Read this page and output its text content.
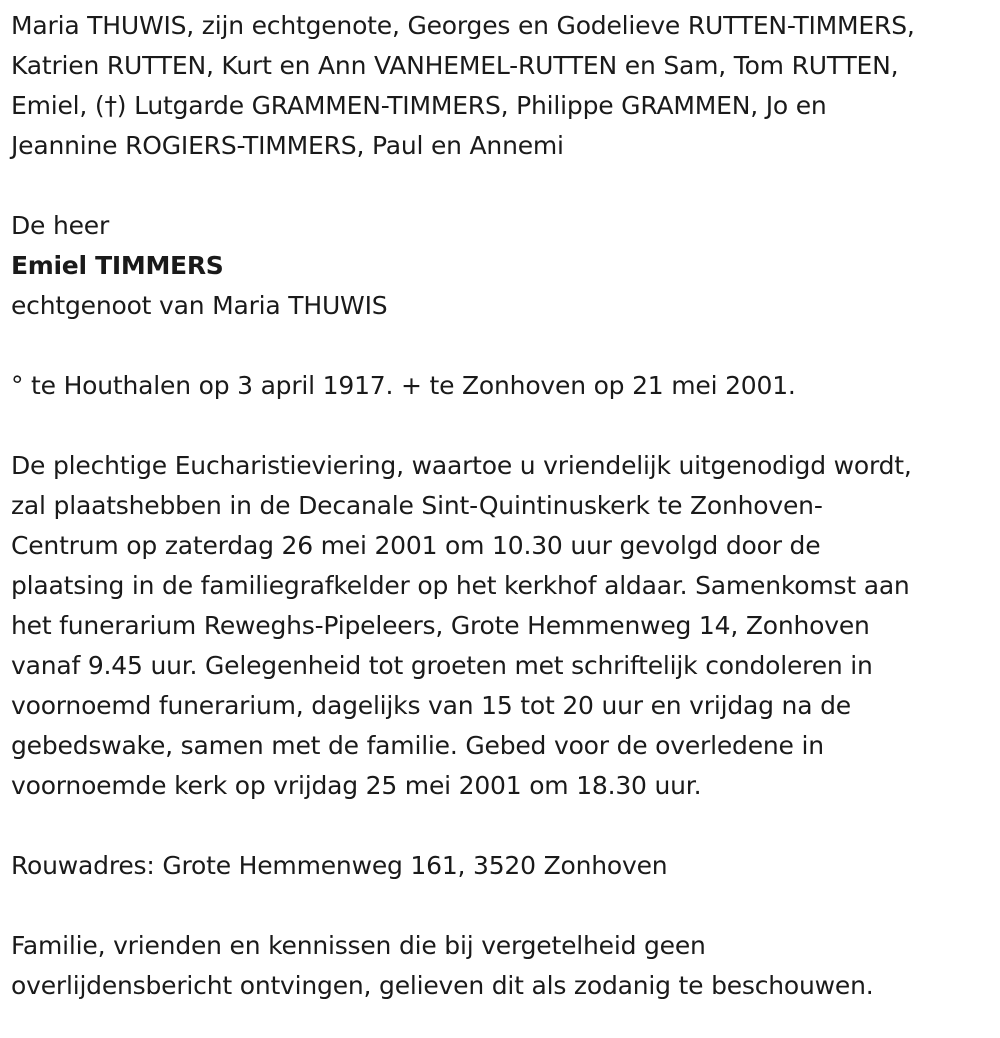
Maria THUWIS, zijn echtgenote, Georges en Godelieve RUTTEN-TIMMERS,
Katrien RUTTEN, Kurt en Ann VANHEMEL-RUTTEN en Sam, Tom RUTTEN,
Emiel, (†) Lutgarde GRAMMEN-TIMMERS, Philippe GRAMMEN, Jo en
Jeannine ROGIERS-TIMMERS, Paul en Annemi
De heer
Emiel TIMMERS
echtgenoot van Maria THUWIS
° te Houthalen op 3 april 1917. + te Zonhoven op 21 mei 2001.
De plechtige Eucharistieviering, waartoe u vriendelijk uitgenodigd wordt,
zal plaatshebben in de Decanale Sint-Quintinuskerk te Zonhoven-
Centrum op zaterdag 26 mei 2001 om 10.30 uur gevolgd door de
plaatsing in de familiegrafkelder op het kerkhof aldaar. Samenkomst aan
het funerarium Reweghs-Pipeleers, Grote Hemmenweg 14, Zonhoven
vanaf 9.45 uur. Gelegenheid tot groeten met schriftelijk condoleren in
voornoemd funerarium, dagelijks van 15 tot 20 uur en vrijdag na de
gebedswake, samen met de familie. Gebed voor de overledene in
voornoemde kerk op vrijdag 25 mei 2001 om 18.30 uur.
Rouwadres: Grote Hemmenweg 161, 3520 Zonhoven
Familie, vrienden en kennissen die bij vergetelheid geen
overlijdensbericht ontvingen, gelieven dit als zodanig te beschouwen.
